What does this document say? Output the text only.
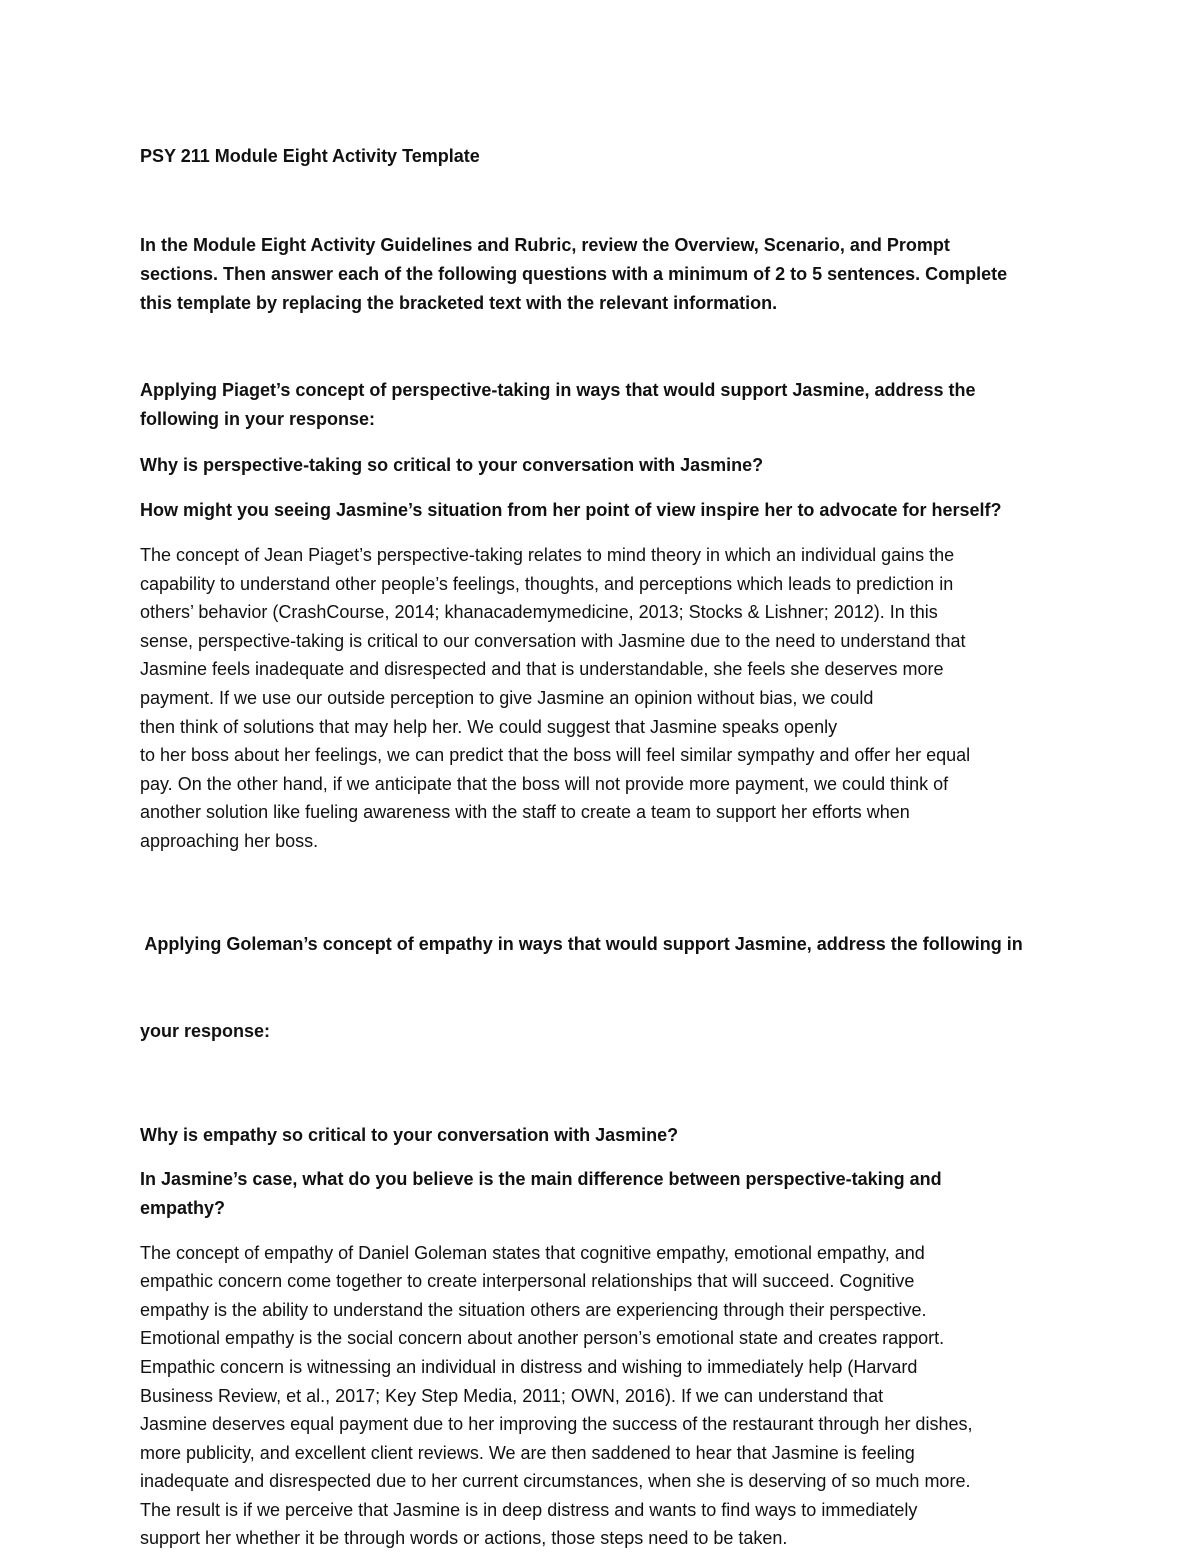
PSY 211 Module Eight Activity Template
In the Module Eight Activity Guidelines and Rubric, review the Overview, Scenario, and Prompt
sections. Then answer each of the following questions with a minimum of 2 to 5 sentences. Complete
this template by replacing the bracketed text with the relevant information.
Applying Piaget’s concept of perspective-taking in ways that would support Jasmine, address the
following in your response:
Why is perspective-taking so critical to your conversation with Jasmine?
How might you seeing Jasmine’s situation from her point of view inspire her to advocate for herself?
The concept of Jean Piaget’s perspective-taking relates to mind theory in which an individual gains the
capability to understand other people’s feelings, thoughts, and perceptions which leads to prediction in
others’ behavior (CrashCourse, 2014; khanacademymedicine, 2013; Stocks & Lishner; 2012). In this
sense, perspective-taking is critical to our conversation with Jasmine due to the need to understand that
Jasmine feels inadequate and disrespected and that is understandable, she feels she deserves more
payment. If we use our outside perception to give Jasmine an opinion without bias, we could
then think of solutions that may help her. We could suggest that Jasmine speaks openly
to her boss about her feelings, we can predict that the boss will feel similar sympathy and offer her equal
pay. On the other hand, if we anticipate that the boss will not provide more payment, we could think of
another solution like fueling awareness with the staff to create a team to support her efforts when
approaching her boss.

Applying Goleman’s concept of empathy in ways that would support Jasmine, address the following in

your response:

Why is empathy so critical to your conversation with Jasmine?
In Jasmine’s case, what do you believe is the main difference between perspective-taking and
empathy?
The concept of empathy of Daniel Goleman states that cognitive empathy, emotional empathy, and
empathic concern come together to create interpersonal relationships that will succeed. Cognitive
empathy is the ability to understand the situation others are experiencing through their perspective.
Emotional empathy is the social concern about another person’s emotional state and creates rapport.
Empathic concern is witnessing an individual in distress and wishing to immediately help (Harvard
Business Review, et al., 2017; Key Step Media, 2011; OWN, 2016). If we can understand that
Jasmine deserves equal payment due to her improving the success of the restaurant through her dishes,
more publicity, and excellent client reviews. We are then saddened to hear that Jasmine is feeling
inadequate and disrespected due to her current circumstances, when she is deserving of so much more.
The result is if we perceive that Jasmine is in deep distress and wants to find ways to immediately
support her whether it be through words or actions, those steps need to be taken.
